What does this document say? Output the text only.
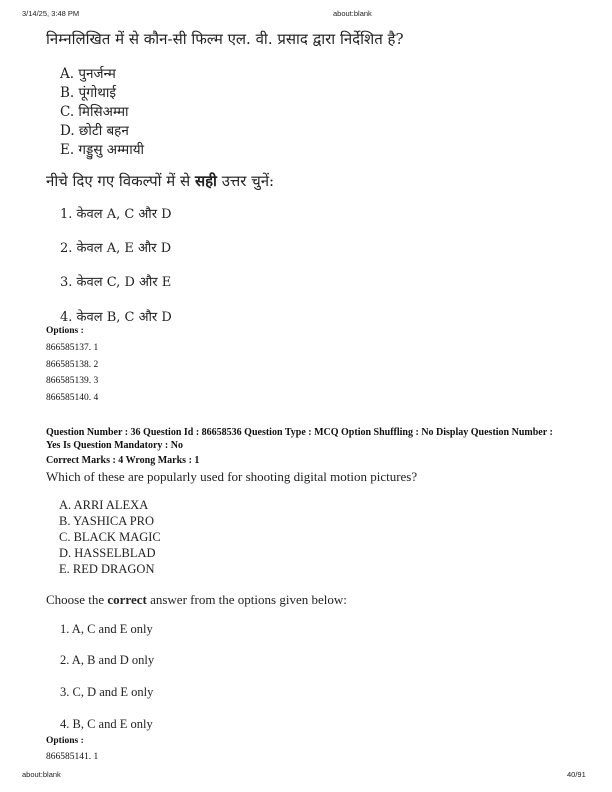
3/14/25, 3:48 PM	about:blank
निम्नलिखित में से कौन-सी फिल्म एल. वी. प्रसाद द्वारा निर्देशित है?
A. पुनर्जन्म
B. पूंगोथाई
C. मिसिअम्मा
D. छोटी बहन
E. गड्डुसु अम्मायी
नीचे दिए गए विकल्पों में से सही उत्तर चुनें:
1. केवल A, C और D
2. केवल A, E और D
3. केवल C, D और E
4. केवल B, C और D
Options :
866585137. 1
866585138. 2
866585139. 3
866585140. 4
Question Number : 36 Question Id : 86658536 Question Type : MCQ Option Shuffling : No Display Question Number : Yes Is Question Mandatory : No
Correct Marks : 4 Wrong Marks : 1
Which of these are popularly used for shooting digital motion pictures?
A. ARRI ALEXA
B. YASHICA PRO
C. BLACK MAGIC
D. HASSELBLAD
E. RED DRAGON
Choose the correct answer from the options given below:
1. A, C and E only
2. A, B and D only
3. C, D and E only
4. B, C and E only
Options :
866585141. 1
about:blank	40/91
